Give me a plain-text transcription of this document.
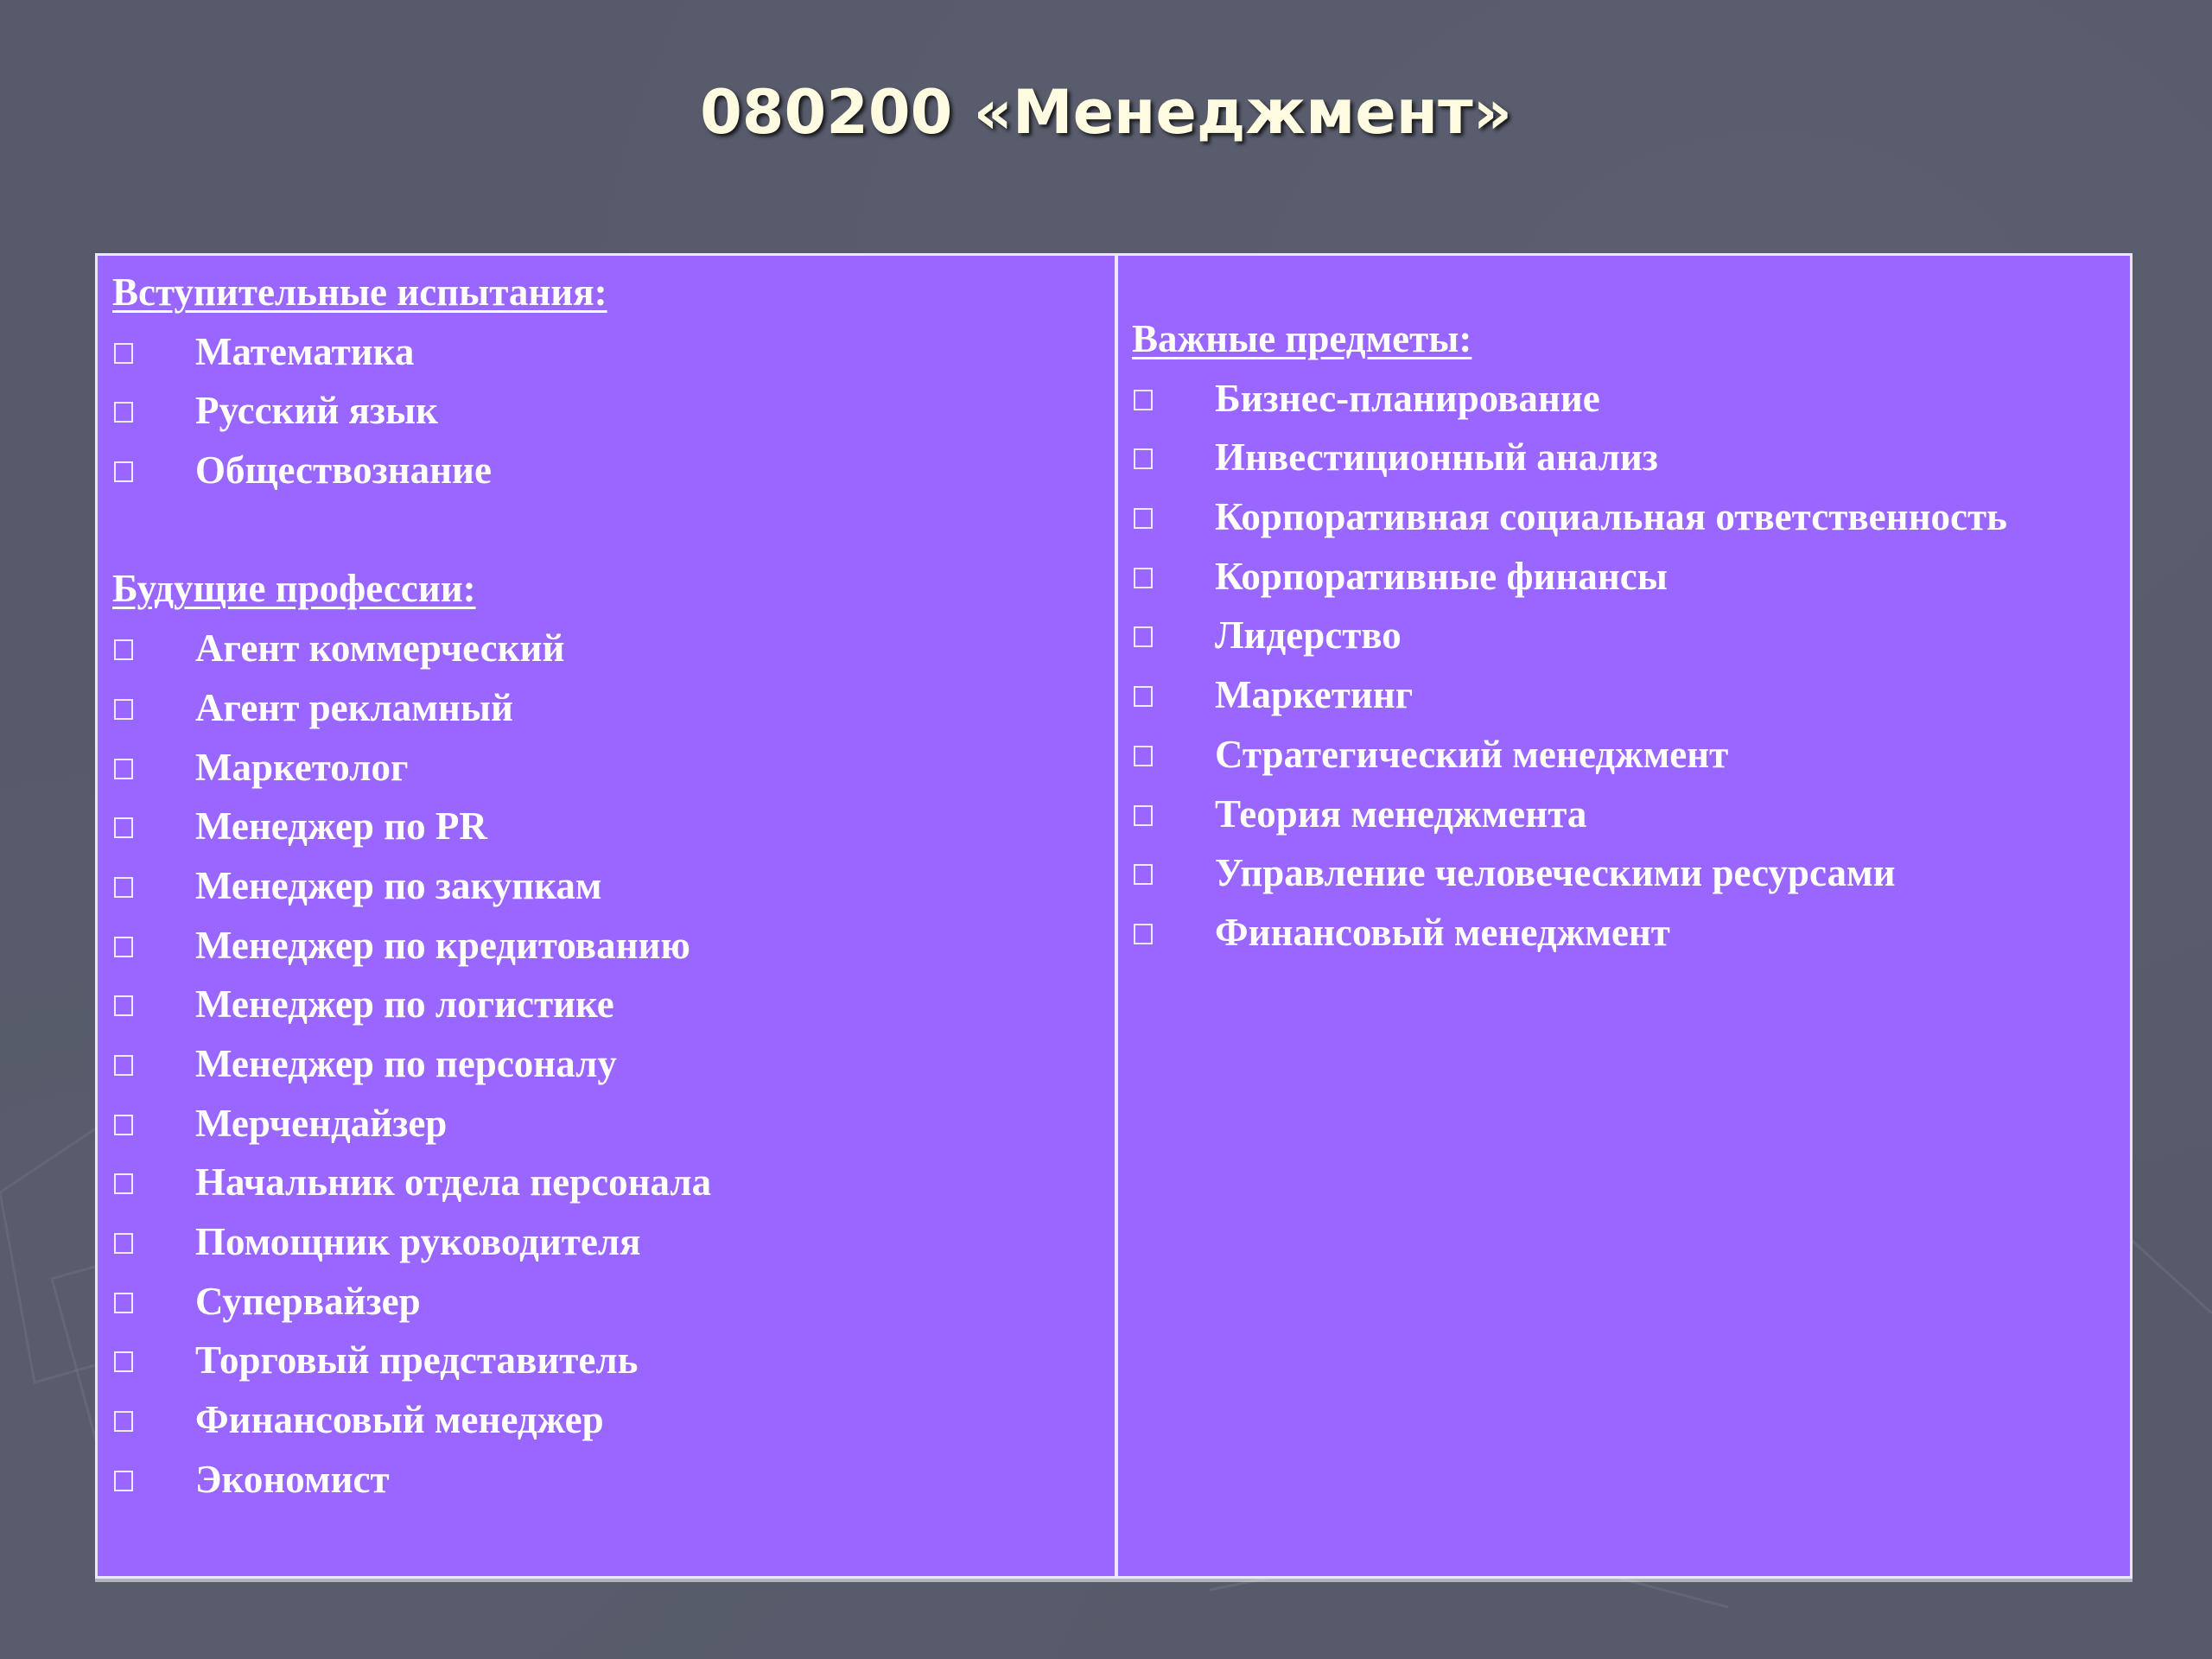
080200 «Менеджмент»
Вступительные испытания:
Математика
Русский язык
Обществознание
Будущие профессии:
Агент коммерческий
Агент рекламный
Маркетолог
Менеджер по PR
Менеджер по закупкам
Менеджер по кредитованию
Менеджер по логистике
Менеджер по персоналу
Мерчендайзер
Начальник отдела персонала
Помощник руководителя
Супервайзер
Торговый представитель
Финансовый менеджер
Экономист
Важные предметы:
Бизнес-планирование
Инвестиционный анализ
Корпоративная социальная ответственность
Корпоративные финансы
Лидерство
Маркетинг
Стратегический менеджмент
Теория менеджмента
Управление человеческими ресурсами
Финансовый менеджмент
